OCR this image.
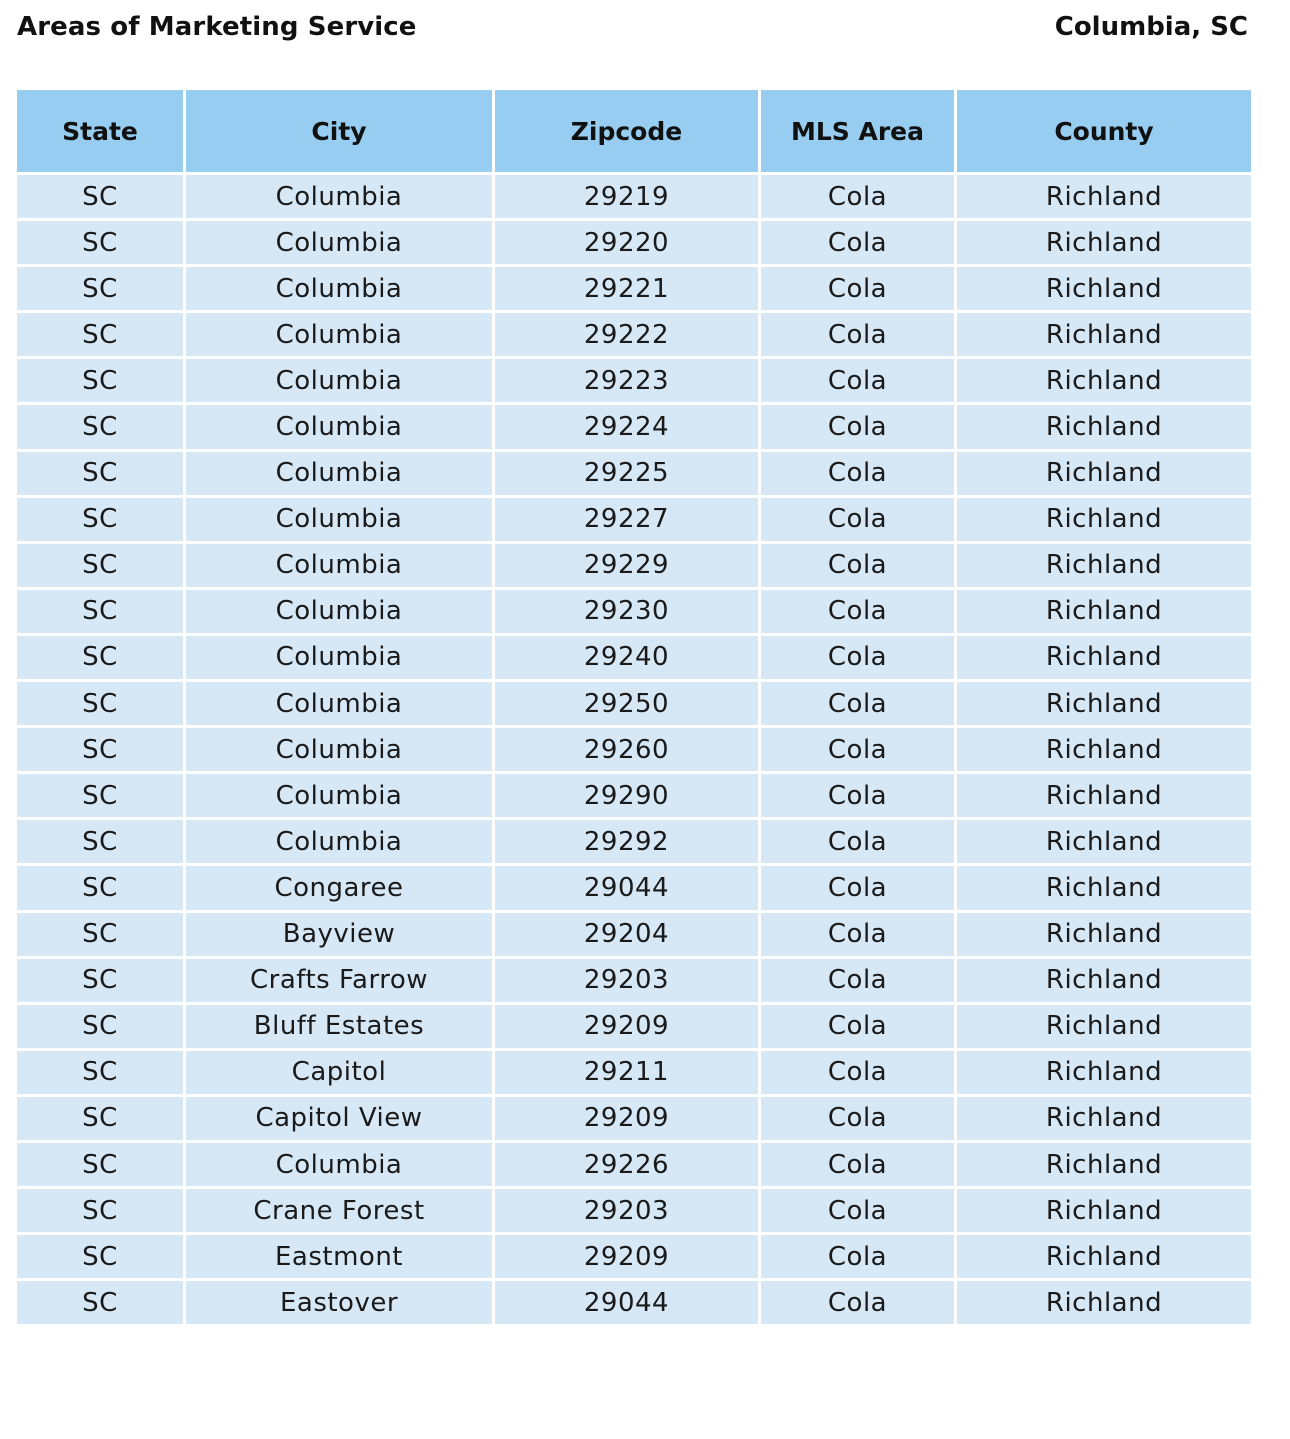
Areas of Marketing Service	Columbia, SC
State	City	Zipcode	MLS Area	County
SC	Columbia	29219	Cola	Richland
SC	Columbia	29220	Cola	Richland
SC	Columbia	29221	Cola	Richland
SC	Columbia	29222	Cola	Richland
SC	Columbia	29223	Cola	Richland
SC	Columbia	29224	Cola	Richland
SC	Columbia	29225	Cola	Richland
SC	Columbia	29227	Cola	Richland
SC	Columbia	29229	Cola	Richland
SC	Columbia	29230	Cola	Richland
SC	Columbia	29240	Cola	Richland
SC	Columbia	29250	Cola	Richland
SC	Columbia	29260	Cola	Richland
SC	Columbia	29290	Cola	Richland
SC	Columbia	29292	Cola	Richland
SC	Congaree	29044	Cola	Richland
SC	Bayview	29204	Cola	Richland
SC	Crafts Farrow	29203	Cola	Richland
SC	Bluff Estates	29209	Cola	Richland
SC	Capitol	29211	Cola	Richland
SC	Capitol View	29209	Cola	Richland
SC	Columbia	29226	Cola	Richland
SC	Crane Forest	29203	Cola	Richland
SC	Eastmont	29209	Cola	Richland
SC	Eastover	29044	Cola	Richland
